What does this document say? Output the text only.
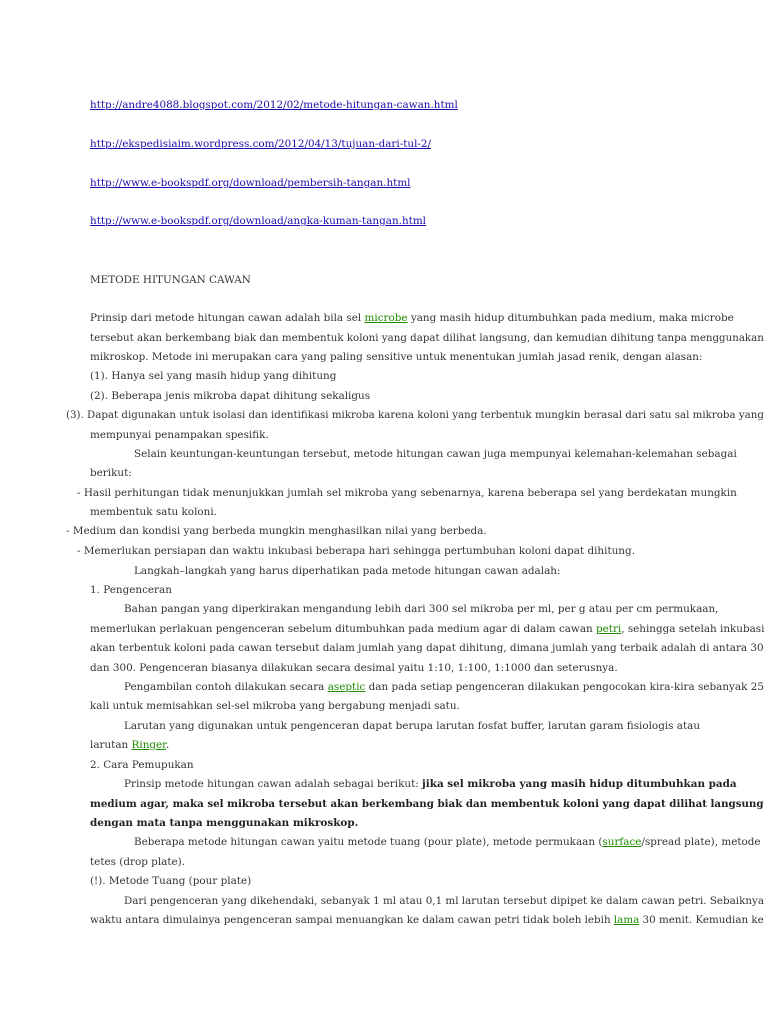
http://andre4088.blogspot.com/2012/02/metode-hitungan-cawan.html
http://ekspedisiaim.wordpress.com/2012/04/13/tujuan-dari-tul-2/
http://www.e-bookspdf.org/download/pembersih-tangan.html
http://www.e-bookspdf.org/download/angka-kuman-tangan.html
METODE HITUNGAN CAWAN
Prinsip dari metode hitungan cawan adalah bila sel microbe yang masih hidup ditumbuhkan pada medium, maka microbe
tersebut akan berkembang biak dan membentuk koloni yang dapat dilihat langsung, dan kemudian dihitung tanpa menggunakan
mikroskop. Metode ini merupakan cara yang paling sensitive untuk menentukan jumlah jasad renik, dengan alasan:
(1). Hanya sel yang masih hidup yang dihitung
(2). Beberapa jenis mikroba dapat dihitung sekaligus
(3). Dapat digunakan untuk isolasi dan identifikasi mikroba karena koloni yang terbentuk mungkin berasal dari satu sal mikroba yang
mempunyai penampakan spesifik.
Selain keuntungan-keuntungan tersebut, metode hitungan cawan juga mempunyai kelemahan-kelemahan sebagai
berikut:
- Hasil perhitungan tidak menunjukkan jumlah sel mikroba yang sebenarnya, karena beberapa sel yang berdekatan mungkin
membentuk satu koloni.
- Medium dan kondisi yang berbeda mungkin menghasilkan nilai yang berbeda.
- Memerlukan persiapan dan waktu inkubasi beberapa hari sehingga pertumbuhan koloni dapat dihitung.
Langkah–langkah yang harus diperhatikan pada metode hitungan cawan adalah:
1. Pengenceran
Bahan pangan yang diperkirakan mengandung lebih dari 300 sel mikroba per ml, per g atau per cm permukaan,
memerlukan perlakuan pengenceran sebelum ditumbuhkan pada medium agar di dalam cawan petri, sehingga setelah inkubasi
akan terbentuk koloni pada cawan tersebut dalam jumlah yang dapat dihitung, dimana jumlah yang terbaik adalah di antara 30
dan 300. Pengenceran biasanya dilakukan secara desimal yaitu 1:10, 1:100, 1:1000 dan seterusnya.
Pengambilan contoh dilakukan secara aseptic dan pada setiap pengenceran dilakukan pengocokan kira-kira sebanyak 25
kali untuk memisahkan sel-sel mikroba yang bergabung menjadi satu.
Larutan yang digunakan untuk pengenceran dapat berupa larutan fosfat buffer, larutan garam fisiologis atau
larutan Ringer.
2. Cara Pemupukan
Prinsip metode hitungan cawan adalah sebagai berikut: jika sel mikroba yang masih hidup ditumbuhkan pada
medium agar, maka sel mikroba tersebut akan berkembang biak dan membentuk koloni yang dapat dilihat langsung
dengan mata tanpa menggunakan mikroskop.
Beberapa metode hitungan cawan yaitu metode tuang (pour plate), metode permukaan (surface/spread plate), metode
tetes (drop plate).
(!). Metode Tuang (pour plate)
Dari pengenceran yang dikehendaki, sebanyak 1 ml atau 0,1 ml larutan tersebut dipipet ke dalam cawan petri. Sebaiknya
waktu antara dimulainya pengenceran sampai menuangkan ke dalam cawan petri tidak boleh lebih lama 30 menit. Kemudian ke
